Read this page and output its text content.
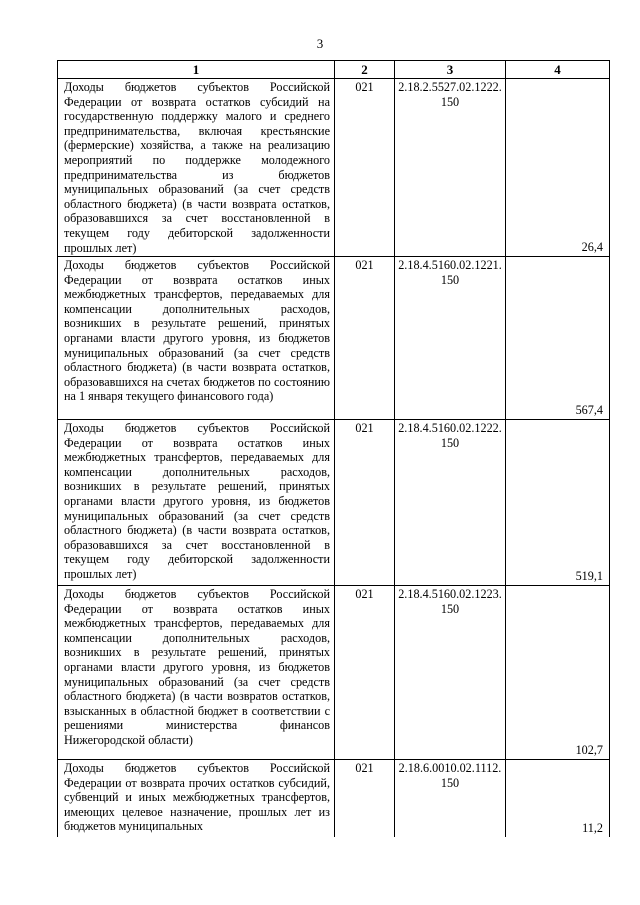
3
1	2	3	4

Доходы бюджетов субъектов Российской Федерации от возврата остатков субсидий на государственную поддержку малого и среднего предпринимательства, включая крестьянские (фермерские) хозяйства, а также на реализацию мероприятий по поддержке молодежного предпринимательства из бюджетов муниципальных образований (за счет средств областного бюджета) (в части возврата остатков, образовавшихся за счет восстановленной в текущем году дебиторской задолженности прошлых лет)	021	2.18.2.5527.02.1222.
150	26,4

Доходы бюджетов субъектов Российской Федерации от возврата остатков иных межбюджетных трансфертов, передаваемых для компенсации дополнительных расходов, возникших в результате решений, принятых органами власти другого уровня, из бюджетов муниципальных образований (за счет средств областного бюджета) (в части возврата остатков, образовавшихся на счетах бюджетов по состоянию на 1 января текущего финансового года)	021	2.18.4.5160.02.1221.
150	567,4

Доходы бюджетов субъектов Российской Федерации от возврата остатков иных межбюджетных трансфертов, передаваемых для компенсации дополнительных расходов, возникших в результате решений, принятых органами власти другого уровня, из бюджетов муниципальных образований (за счет средств областного бюджета) (в части возврата остатков, образовавшихся за счет восстановленной в текущем году дебиторской задолженности прошлых лет)	021	2.18.4.5160.02.1222.
150	519,1

Доходы бюджетов субъектов Российской Федерации от возврата остатков иных межбюджетных трансфертов, передаваемых для компенсации дополнительных расходов, возникших в результате решений, принятых органами власти другого уровня, из бюджетов муниципальных образований (за счет средств областного бюджета) (в части возвратов остатков, взысканных в областной бюджет в соответствии с решениями министерства финансов Нижегородской области)	021	2.18.4.5160.02.1223.
150	102,7

Доходы бюджетов субъектов Российской Федерации от возврата прочих остатков субсидий, субвенций и иных межбюджетных трансфертов, имеющих целевое назначение, прошлых лет из бюджетов муниципальных	021	2.18.6.0010.02.1112.
150	11,2
